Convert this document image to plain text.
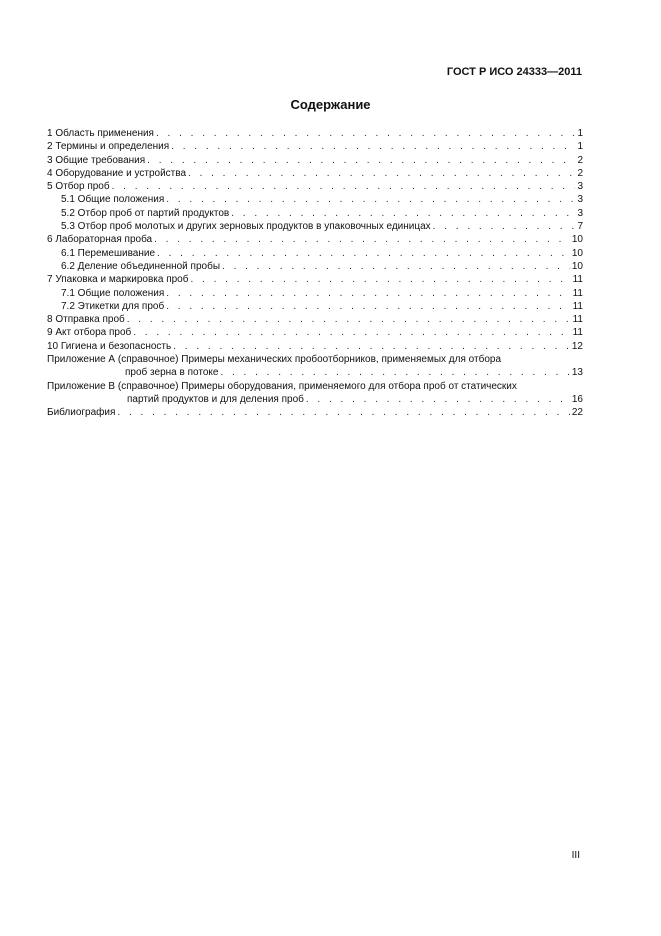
ГОСТ Р ИСО 24333—2011
Содержание
1 Область применения . . .	1
2 Термины и определения . . .	1
3 Общие требования . . .	2
4 Оборудование и устройства . . .	2
5 Отбор проб . . .	3
5.1 Общие положения . . .	3
5.2 Отбор проб от партий продуктов . . .	3
5.3 Отбор проб молотых и других зерновых продуктов в упаковочных единицах . . .	7
6 Лабораторная проба . . .	10
6.1 Перемешивание . . .	10
6.2 Деление объединенной пробы . . .	10
7 Упаковка и маркировка проб . . .	11
7.1 Общие положения . . .	11
7.2 Этикетки для проб . . .	11
8 Отправка проб . . .	11
9 Акт отбора проб . . .	11
10 Гигиена и безопасность . . .	12
Приложение А (справочное) Примеры механических пробоотборников, применяемых для отбора
проб зерна в потоке . . .	13
Приложение В (справочное) Примеры оборудования, применяемого для отбора проб от статических
партий продуктов и для деления проб . . .	16
Библиография . . .	22
III
